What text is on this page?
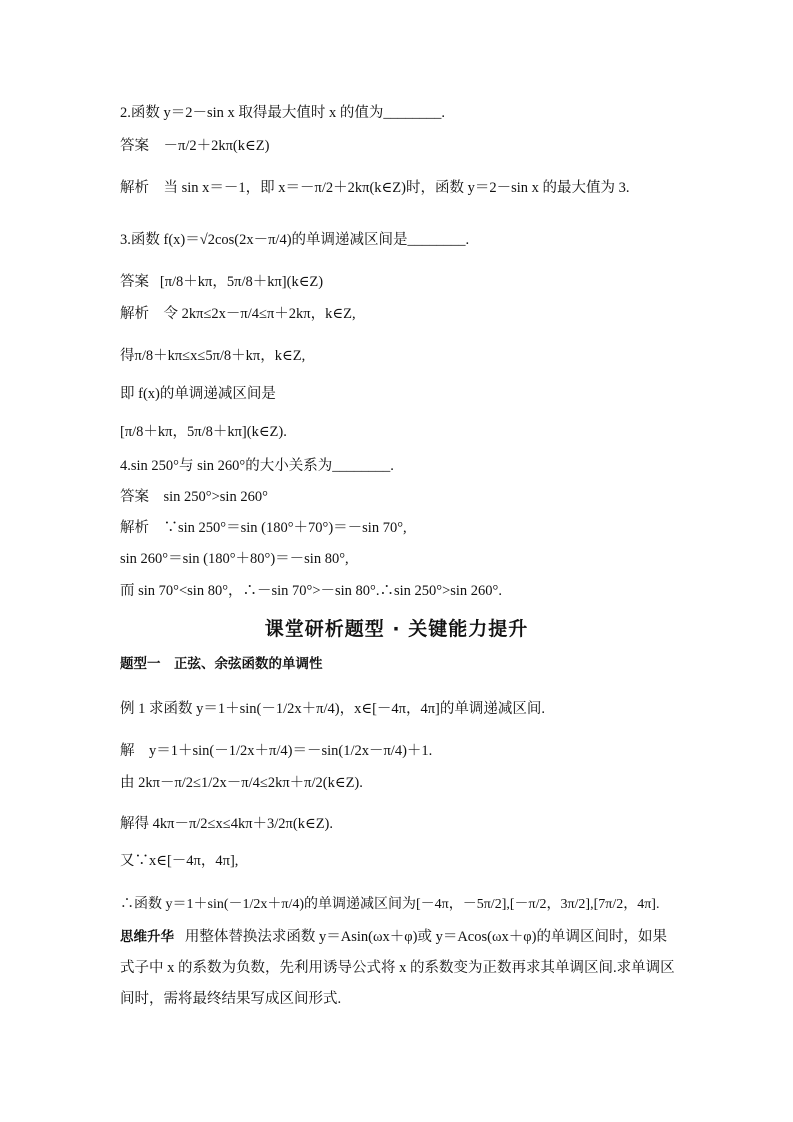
2.函数 y＝2－sin x 取得最大值时 x 的值为________.
答案 －π/2＋2kπ(k∈Z)
解析 当 sin x＝－1，即 x＝－π/2＋2kπ(k∈Z)时，函数 y＝2－sin x 的最大值为 3.
3.函数 f(x)＝√2cos(2x－π/4)的单调递减区间是________.
答案 [π/8＋kπ，5π/8＋kπ](k∈Z)
解析 令 2kπ≤2x－π/4≤π＋2kπ，k∈Z,
得π/8＋kπ≤x≤5π/8＋kπ，k∈Z,
即 f(x)的单调递减区间是
[π/8＋kπ，5π/8＋kπ](k∈Z).
4.sin 250°与 sin 260°的大小关系为________.
答案 sin 250°>sin 260°
解析 ∵sin 250°＝sin (180°＋70°)＝－sin 70°,
sin 260°＝sin (180°＋80°)＝－sin 80°,
而 sin 70°<sin 80°，∴－sin 70°>－sin 80°.∴sin 250°>sin 260°.
课堂研析题型 · 关键能力提升
题型一　正弦、余弦函数的单调性
例 1 求函数 y＝1＋sin(－1/2x＋π/4)，x∈[－4π，4π]的单调递减区间.
解 y＝1＋sin(－1/2x＋π/4)＝－sin(1/2x－π/4)＋1.
由 2kπ－π/2≤1/2x－π/4≤2kπ＋π/2(k∈Z).
解得 4kπ－π/2≤x≤4kπ＋3/2π(k∈Z).
又∵x∈[－4π，4π],
∴函数 y＝1＋sin(－1/2x＋π/4)的单调递减区间为[－4π，－5π/2],[－π/2，3π/2],[7π/2，4π].
思维升华 用整体替换法求函数 y＝Asin(ωx＋φ)或 y＝Acos(ωx＋φ)的单调区间时，如果式子中 x 的系数为负数，先利用诱导公式将 x 的系数变为正数再求其单调区间.求单调区间时，需将最终结果写成区间形式.
